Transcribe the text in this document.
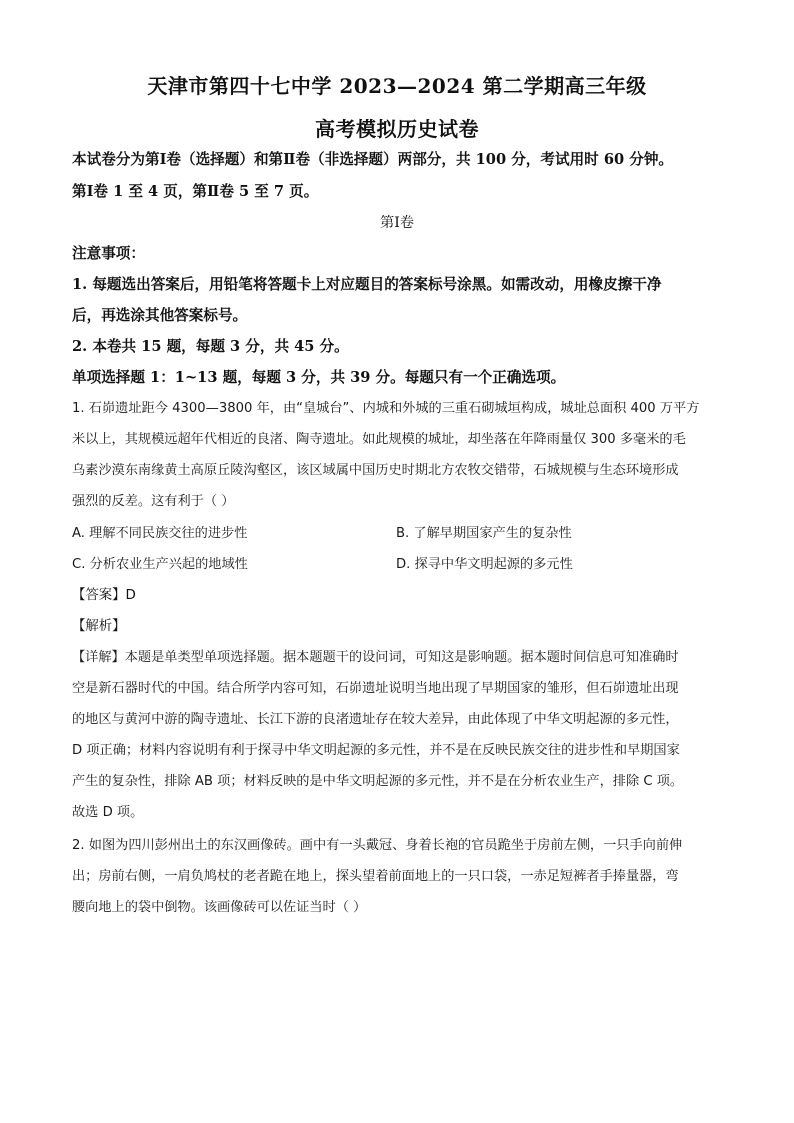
天津市第四十七中学 2023—2024 第二学期高三年级
高考模拟历史试卷
本试卷分为第Ⅰ卷（选择题）和第Ⅱ卷（非选择题）两部分，共 100 分，考试用时 60 分钟。
第Ⅰ卷 1 至 4 页，第Ⅱ卷 5 至 7 页。
第Ⅰ卷
注意事项：
1. 每题选出答案后，用铅笔将答题卡上对应题目的答案标号涂黑。如需改动，用橡皮擦干净
后，再选涂其他答案标号。
2. 本卷共 15 题，每题 3 分，共 45 分。
单项选择题 1：1~13 题，每题 3 分，共 39 分。每题只有一个正确选项。
1. 石峁遗址距今 4300—3800 年，由“皇城台”、内城和外城的三重石砌城垣构成，城址总面积 400 万平方
米以上，其规模远超年代相近的良渚、陶寺遗址。如此规模的城址，却坐落在年降雨量仅 300 多毫米的毛
乌素沙漠东南缘黄土高原丘陵沟壑区，该区域属中国历史时期北方农牧交错带，石城规模与生态环境形成
强烈的反差。这有利于（ ）
A. 理解不同民族交往的进步性	B. 了解早期国家产生的复杂性
C. 分析农业生产兴起的地域性	D. 探寻中华文明起源的多元性
【答案】D
【解析】
【详解】本题是单类型单项选择题。据本题题干的设问词，可知这是影响题。据本题时间信息可知准确时
空是新石器时代的中国。结合所学内容可知，石峁遗址说明当地出现了早期国家的雏形，但石峁遗址出现
的地区与黄河中游的陶寺遗址、长江下游的良渚遗址存在较大差异，由此体现了中华文明起源的多元性，
D 项正确；材料内容说明有利于探寻中华文明起源的多元性，并不是在反映民族交往的进步性和早期国家
产生的复杂性，排除 AB 项；材料反映的是中华文明起源的多元性，并不是在分析农业生产，排除 C 项。
故选 D 项。
2. 如图为四川彭州出土的东汉画像砖。画中有一头戴冠、身着长袍的官员跪坐于房前左侧，一只手向前伸
出；房前右侧，一肩负鸠杖的老者跪在地上，探头望着前面地上的一只口袋，一赤足短裤者手捧量器，弯
腰向地上的袋中倒物。该画像砖可以佐证当时（ ）
